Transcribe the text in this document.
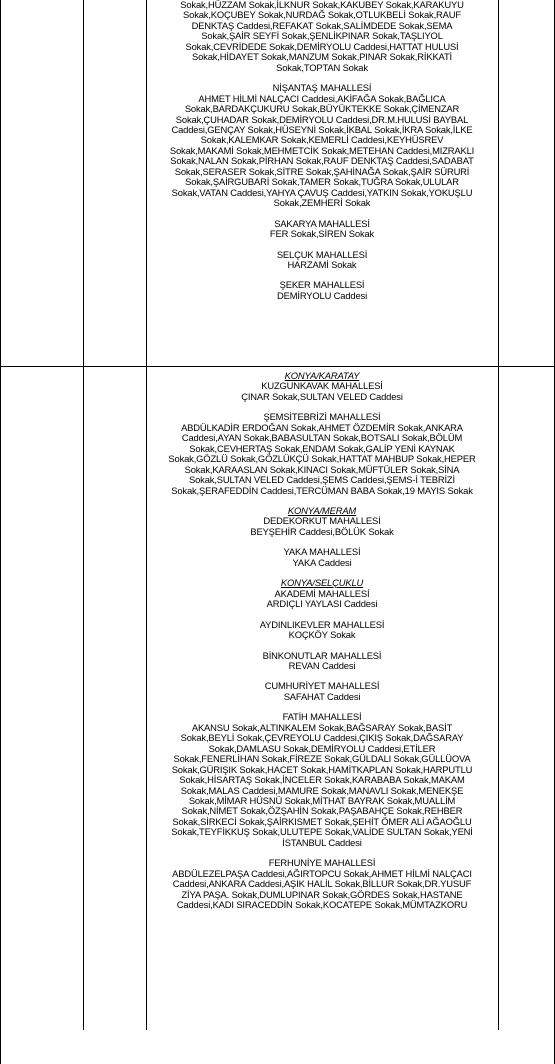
Sokak,HÜZZAM Sokak,İLKNUR Sokak,KAKUBEY Sokak,KARAKUYU

Sokak,KOÇUBEY Sokak,NURDAĞ Sokak,OTLUKBELİ Sokak,RAUF

DENKTAŞ Caddesi,REFAKAT Sokak,SALİMDEDE Sokak,SEMA

Sokak,ŞAİR SEYFİ Sokak,ŞENLİKPINAR Sokak,TAŞLIYOL

Sokak,CEVRİDEDE Sokak,DEMİRYOLU Caddesi,HATTAT HULUSİ

Sokak,HİDAYET Sokak,MANZUM Sokak,PINAR Sokak,RİKKATİ

Sokak,TOPTAN Sokak

NİŞANTAŞ MAHALLESİ

AHMET HİLMİ NALÇACI Caddesi,AKİFAĞA Sokak,BAĞLICA

Sokak,BARDAKÇUKURU Sokak,BÜYÜKTEKKE Sokak,ÇİMENZAR

Sokak,ÇUHADAR Sokak,DEMİRYOLU Caddesi,DR.M.HULUSİ BAYBAL

Caddesi,GENÇAY Sokak,HÜSEYNİ Sokak,İKBAL Sokak,İKRA Sokak,İLKE

Sokak,KALEMKAR Sokak,KEMERLİ Caddesi,KEYHÜSREV

Sokak,MAKAMİ Sokak,MEHMETCİK Sokak,METEHAN Caddesi,MIZRAKLI

Sokak,NALAN Sokak,PİRHAN Sokak,RAUF DENKTAŞ Caddesi,SADABAT

Sokak,SERASER Sokak,SİTRE Sokak,ŞAHİNAĞA Sokak,ŞAİR SÜRURİ

Sokak,ŞAİRGUBARİ Sokak,TAMER Sokak,TUĞRA Sokak,ULULAR

Sokak,VATAN Caddesi,YAHYA ÇAVUŞ Caddesi,YATKIN Sokak,YOKUŞLU

Sokak,ZEMHERİ Sokak

SAKARYA MAHALLESİ

FER Sokak,SİREN Sokak

SELÇUK MAHALLESİ

HARZAMİ Sokak

ŞEKER MAHALLESİ

DEMİRYOLU Caddesi

KONYA/KARATAY

KUZGUNKAVAK MAHALLESİ

ÇINAR Sokak,SULTAN VELED Caddesi

ŞEMSİTEBRİZİ MAHALLESİ

ABDÜLKADİR ERDOĞAN Sokak,AHMET ÖZDEMİR Sokak,ANKARA

Caddesi,AYAN Sokak,BABASULTAN Sokak,BOTSALI Sokak,BÖLÜM

Sokak,CEVHERTAŞ Sokak,ENDAM Sokak,GALİP YENİ KAYNAK

Sokak,GÖZLÜ Sokak,GÖZLÜKÇÜ Sokak,HATTAT MAHBUP Sokak,HEPER

Sokak,KARAASLAN Sokak,KINACI Sokak,MÜFTÜLER Sokak,SİNA

Sokak,SULTAN VELED Caddesi,ŞEMS Caddesi,ŞEMS-İ TEBRİZİ

Sokak,ŞERAFEDDİN Caddesi,TERCÜMAN BABA Sokak,19 MAYIS Sokak

KONYA/MERAM

DEDEKORKUT MAHALLESİ

BEYŞEHİR Caddesi,BÖLÜK Sokak

YAKA MAHALLESİ

YAKA Caddesi

KONYA/SELÇUKLU

AKADEMİ MAHALLESİ

ARDIÇLI YAYLASI Caddesi

AYDINLIKEVLER MAHALLESİ

KOÇKÖY Sokak

BİNKONUTLAR MAHALLESİ

REVAN Caddesi

CUMHURİYET MAHALLESİ

SAFAHAT Caddesi

FATİH MAHALLESİ

AKANSU Sokak,ALTINKALEM Sokak,BAĞSARAY Sokak,BASİT

Sokak,BEYLİ Sokak,ÇEVREYOLU Caddesi,ÇIKIŞ Sokak,DAĞSARAY

Sokak,DAMLASU Sokak,DEMİRYOLU Caddesi,ETİLER

Sokak,FENERLİHAN Sokak,FİREZE Sokak,GÜLDALI Sokak,GÜLLÜOVA

Sokak,GÜRIŞIK Sokak,HACET Sokak,HAMİTKAPLAN Sokak,HARPUTLU

Sokak,HİSARTAŞ Sokak,İNCELER Sokak,KARABABA Sokak,MAKAM

Sokak,MALAS Caddesi,MAMURE Sokak,MANAVLI Sokak,MENEKŞE

Sokak,MİMAR HÜSNÜ Sokak,MİTHAT BAYRAK Sokak,MUALLİM

Sokak,NİMET Sokak,ÖZŞAHİN Sokak,PAŞABAHÇE Sokak,REHBER

Sokak,SİRKECİ Sokak,ŞAİRKISMET Sokak,ŞEHİT ÖMER ALİ AĞAOĞLU

Sokak,TEYFİKKUŞ Sokak,ULUTEPE Sokak,VALİDE SULTAN Sokak,YENİ

İSTANBUL Caddesi

FERHUNİYE MAHALLESİ

ABDÜLEZELPAŞA Caddesi,AĞIRTOPCU Sokak,AHMET HİLMİ NALÇACI

Caddesi,ANKARA Caddesi,AŞIK HALİL Sokak,BİLLUR Sokak,DR.YUSUF

ZİYA PAŞA. Sokak,DUMLUPINAR Sokak,GÖRDES Sokak,HASTANE

Caddesi,KADI SIRACEDDİN Sokak,KOCATEPE Sokak,MÜMTAZKORU
